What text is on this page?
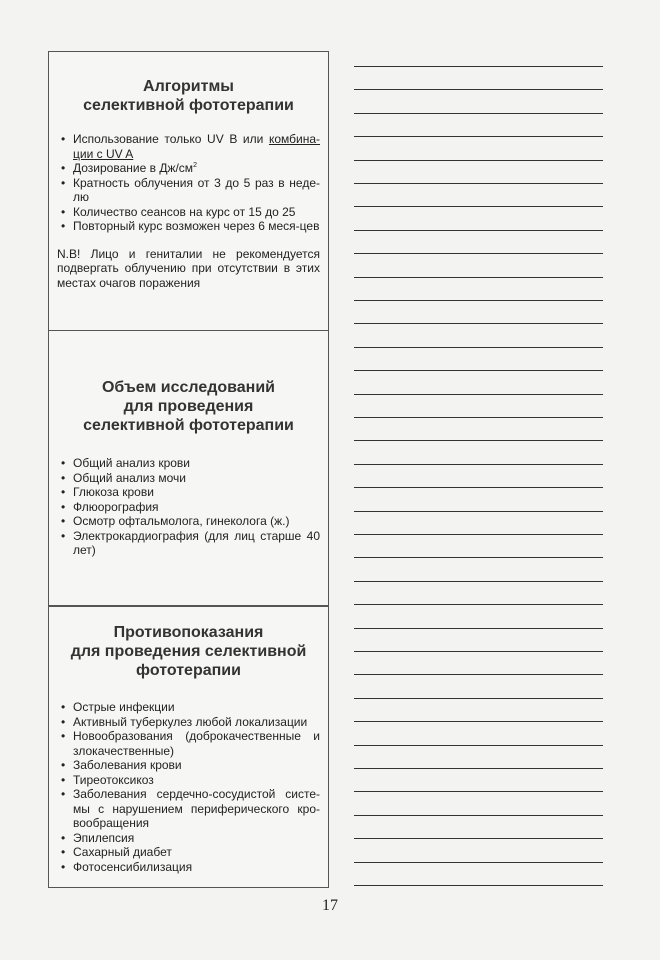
Алгоритмы
селективной фототерапии
• Использование только UV B или комбина-ции с UV A
• Дозирование в $Дж/см^2$
• Кратность облучения от 3 до 5 раз в неде-лю
• Количество сеансов на курс от 15 до 25
• Повторный курс возможен через 6 меся-цев

N.B! Лицо и гениталии не рекомендуется подвергать облучению при отсутствии в этих местах очагов поражения

Объем исследований
для проведения
селективной фототерапии
• Общий анализ крови
• Общий анализ мочи
• Глюкоза крови
• Флюорография
• Осмотр офтальмолога, гинеколога (ж.)
• Электрокардиография (для лиц старше 40 лет)
Противопоказания
для проведения селективной
фототерапии
• Острые инфекции
• Активный туберкулез любой локализации
• Новообразования (доброкачественные и злокачественные)
• Заболевания крови
• Тиреотоксикоз
• Заболевания сердечно-сосудистой систе-мы с нарушением периферического кро-вообращения
• Эпилепсия
• Сахарный диабет
• Фотосенсибилизация
17
